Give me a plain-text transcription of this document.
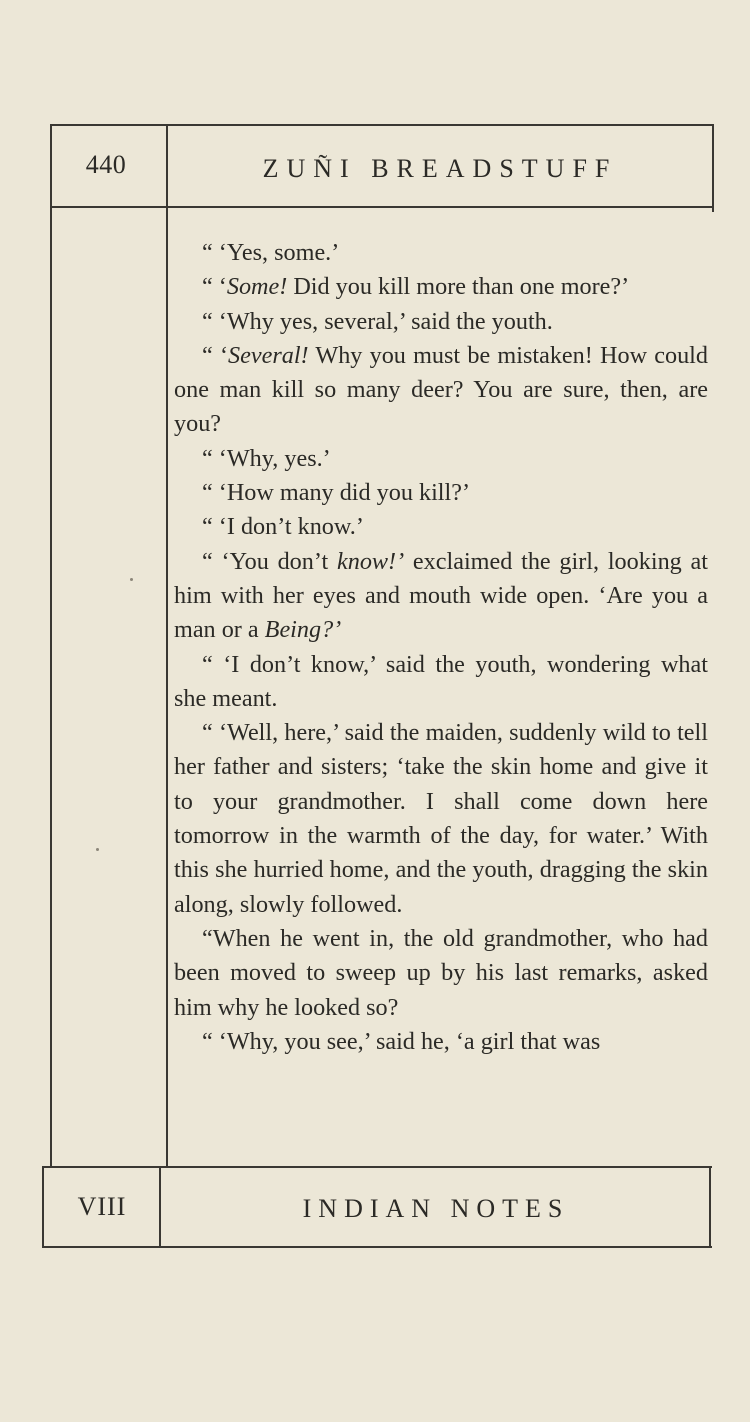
440	ZUÑI BREADSTUFF

“ ‘Yes, some.’

“ ‘Some! Did you kill more than one more?’

“ ‘Why yes, several,’ said the youth.

“ ‘Several! Why you must be mistaken! How could one man kill so many deer? You are sure, then, are you?

“ ‘Why, yes.’

“ ‘How many did you kill?’

“ ‘I don’t know.’

“ ‘You don’t know!’ exclaimed the girl, looking at him with her eyes and mouth wide open. ‘Are you a man or a Being?’

“ ‘I don’t know,’ said the youth, wondering what she meant.

“ ‘Well, here,’ said the maiden, suddenly wild to tell her father and sisters; ‘take the skin home and give it to your grandmother. I shall come down here tomorrow in the warmth of the day, for water.’ With this she hurried home, and the youth, dragging the skin along, slowly followed.

“When he went in, the old grandmother, who had been moved to sweep up by his last remarks, asked him why he looked so?

“ ‘Why, you see,’ said he, ‘a girl that was

VIII	INDIAN NOTES
